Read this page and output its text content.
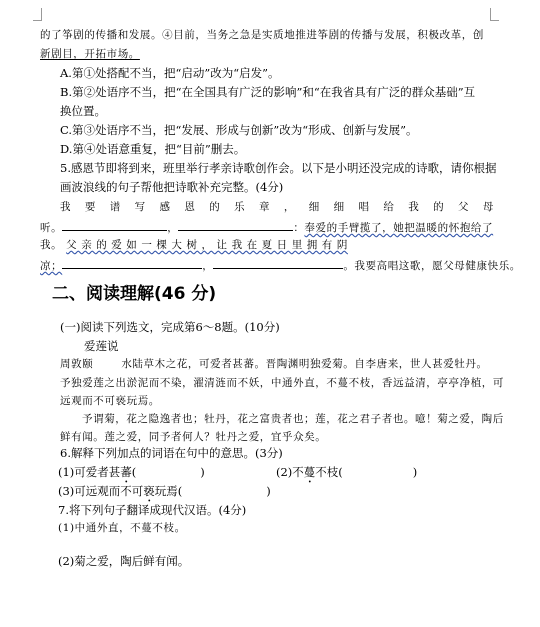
的了筝剧的传播和发展。④目前，当务之急是实质地推进筝剧的传播与发展，积极改革，创
新剧目，开拓市场。
A.第①处搭配不当，把“启动”改为“启发”。
B.第②处语序不当，把“在全国具有广泛的影响”和“在我省具有广泛的群众基础”互
换位置。
C.第③处语序不当，把“发展、形成与创新”改为“形成、创新与发展”。
D.第④处语意重复，把“目前”删去。
5.感恩节即将到来，班里举行孝亲诗歌创作会。以下是小明还没完成的诗歌，请你根据
画波浪线的句子帮他把诗歌补充完整。(4分)
我 要 谱 写 感 恩 的 乐 章 ， 细 细 唱 给 我 的 父 母
听。	，	：奉爱的手臂揽了，她把温暖的怀抱给了
我。 父 亲 的 爱 如 一 棵 大 树 ， 让 我 在 夏 日 里 拥 有 阴
凉；	，	。我要高唱这歌，愿父母健康快乐。
二、阅读理解(46 分)
(一)阅读下列选文，完成第6～8题。(10分)
爱莲说
周敦颐	水陆草木之花，可爱者甚蕃。晋陶渊明独爱菊。自李唐来，世人甚爱牡丹。
予独爱莲之出淤泥而不染，濯清涟而不妖，中通外直，不蔓不枝，香远益清，亭亭净植，可
远观而不可亵玩焉。
予谓菊，花之隐逸者也；牡丹，花之富贵者也；莲，花之君子者也。噫！菊之爱，陶后
鲜有闻。莲之爱，同予者何人？牡丹之爱，宜乎众矣。
6.解释下列加点的词语在句中的意思。(3分)
(1)可爱者甚蕃(	)	(2)不蔓不枝(	)
(3)可远观而不可亵玩焉(	)
7.将下列句子翻译成现代汉语。(4分)
(1)中通外直，不蔓不枝。
(2)菊之爱，陶后鲜有闻。
